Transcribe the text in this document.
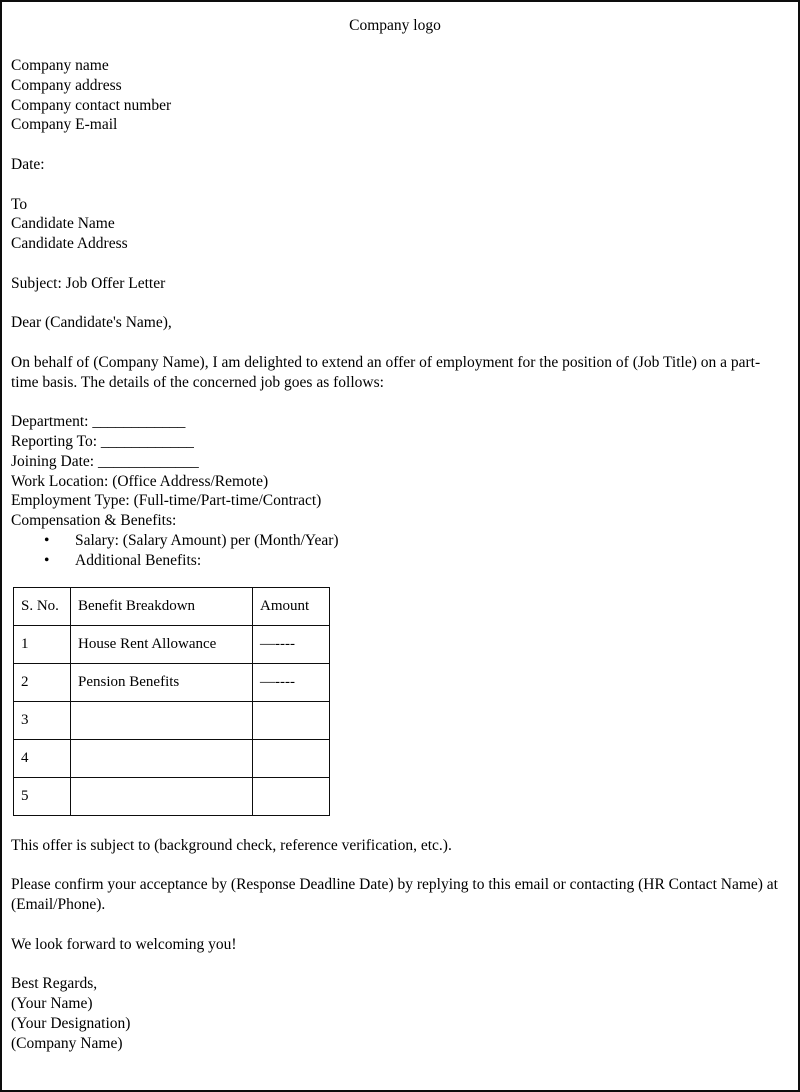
Company logo
Company name
Company address
Company contact number
Company E-mail
Date:
To
Candidate Name
Candidate Address
Subject: Job Offer Letter
Dear (Candidate's Name),
On behalf of (Company Name), I am delighted to extend an offer of employment for the position of (Job Title) on a part-time basis. The details of the concerned job goes as follows:
Department: ____________
Reporting To: ____________
Joining Date: _____________
Work Location: (Office Address/Remote)
Employment Type: (Full-time/Part-time/Contract)
Compensation & Benefits:
• Salary: (Salary Amount) per (Month/Year)
• Additional Benefits:
S. No.	Benefit Breakdown	Amount
1	House Rent Allowance	—----
2	Pension Benefits	—----
3		
4		
5		
This offer is subject to (background check, reference verification, etc.).
Please confirm your acceptance by (Response Deadline Date) by replying to this email or contacting (HR Contact Name) at (Email/Phone).
We look forward to welcoming you!
Best Regards,
(Your Name)
(Your Designation)
(Company Name)
